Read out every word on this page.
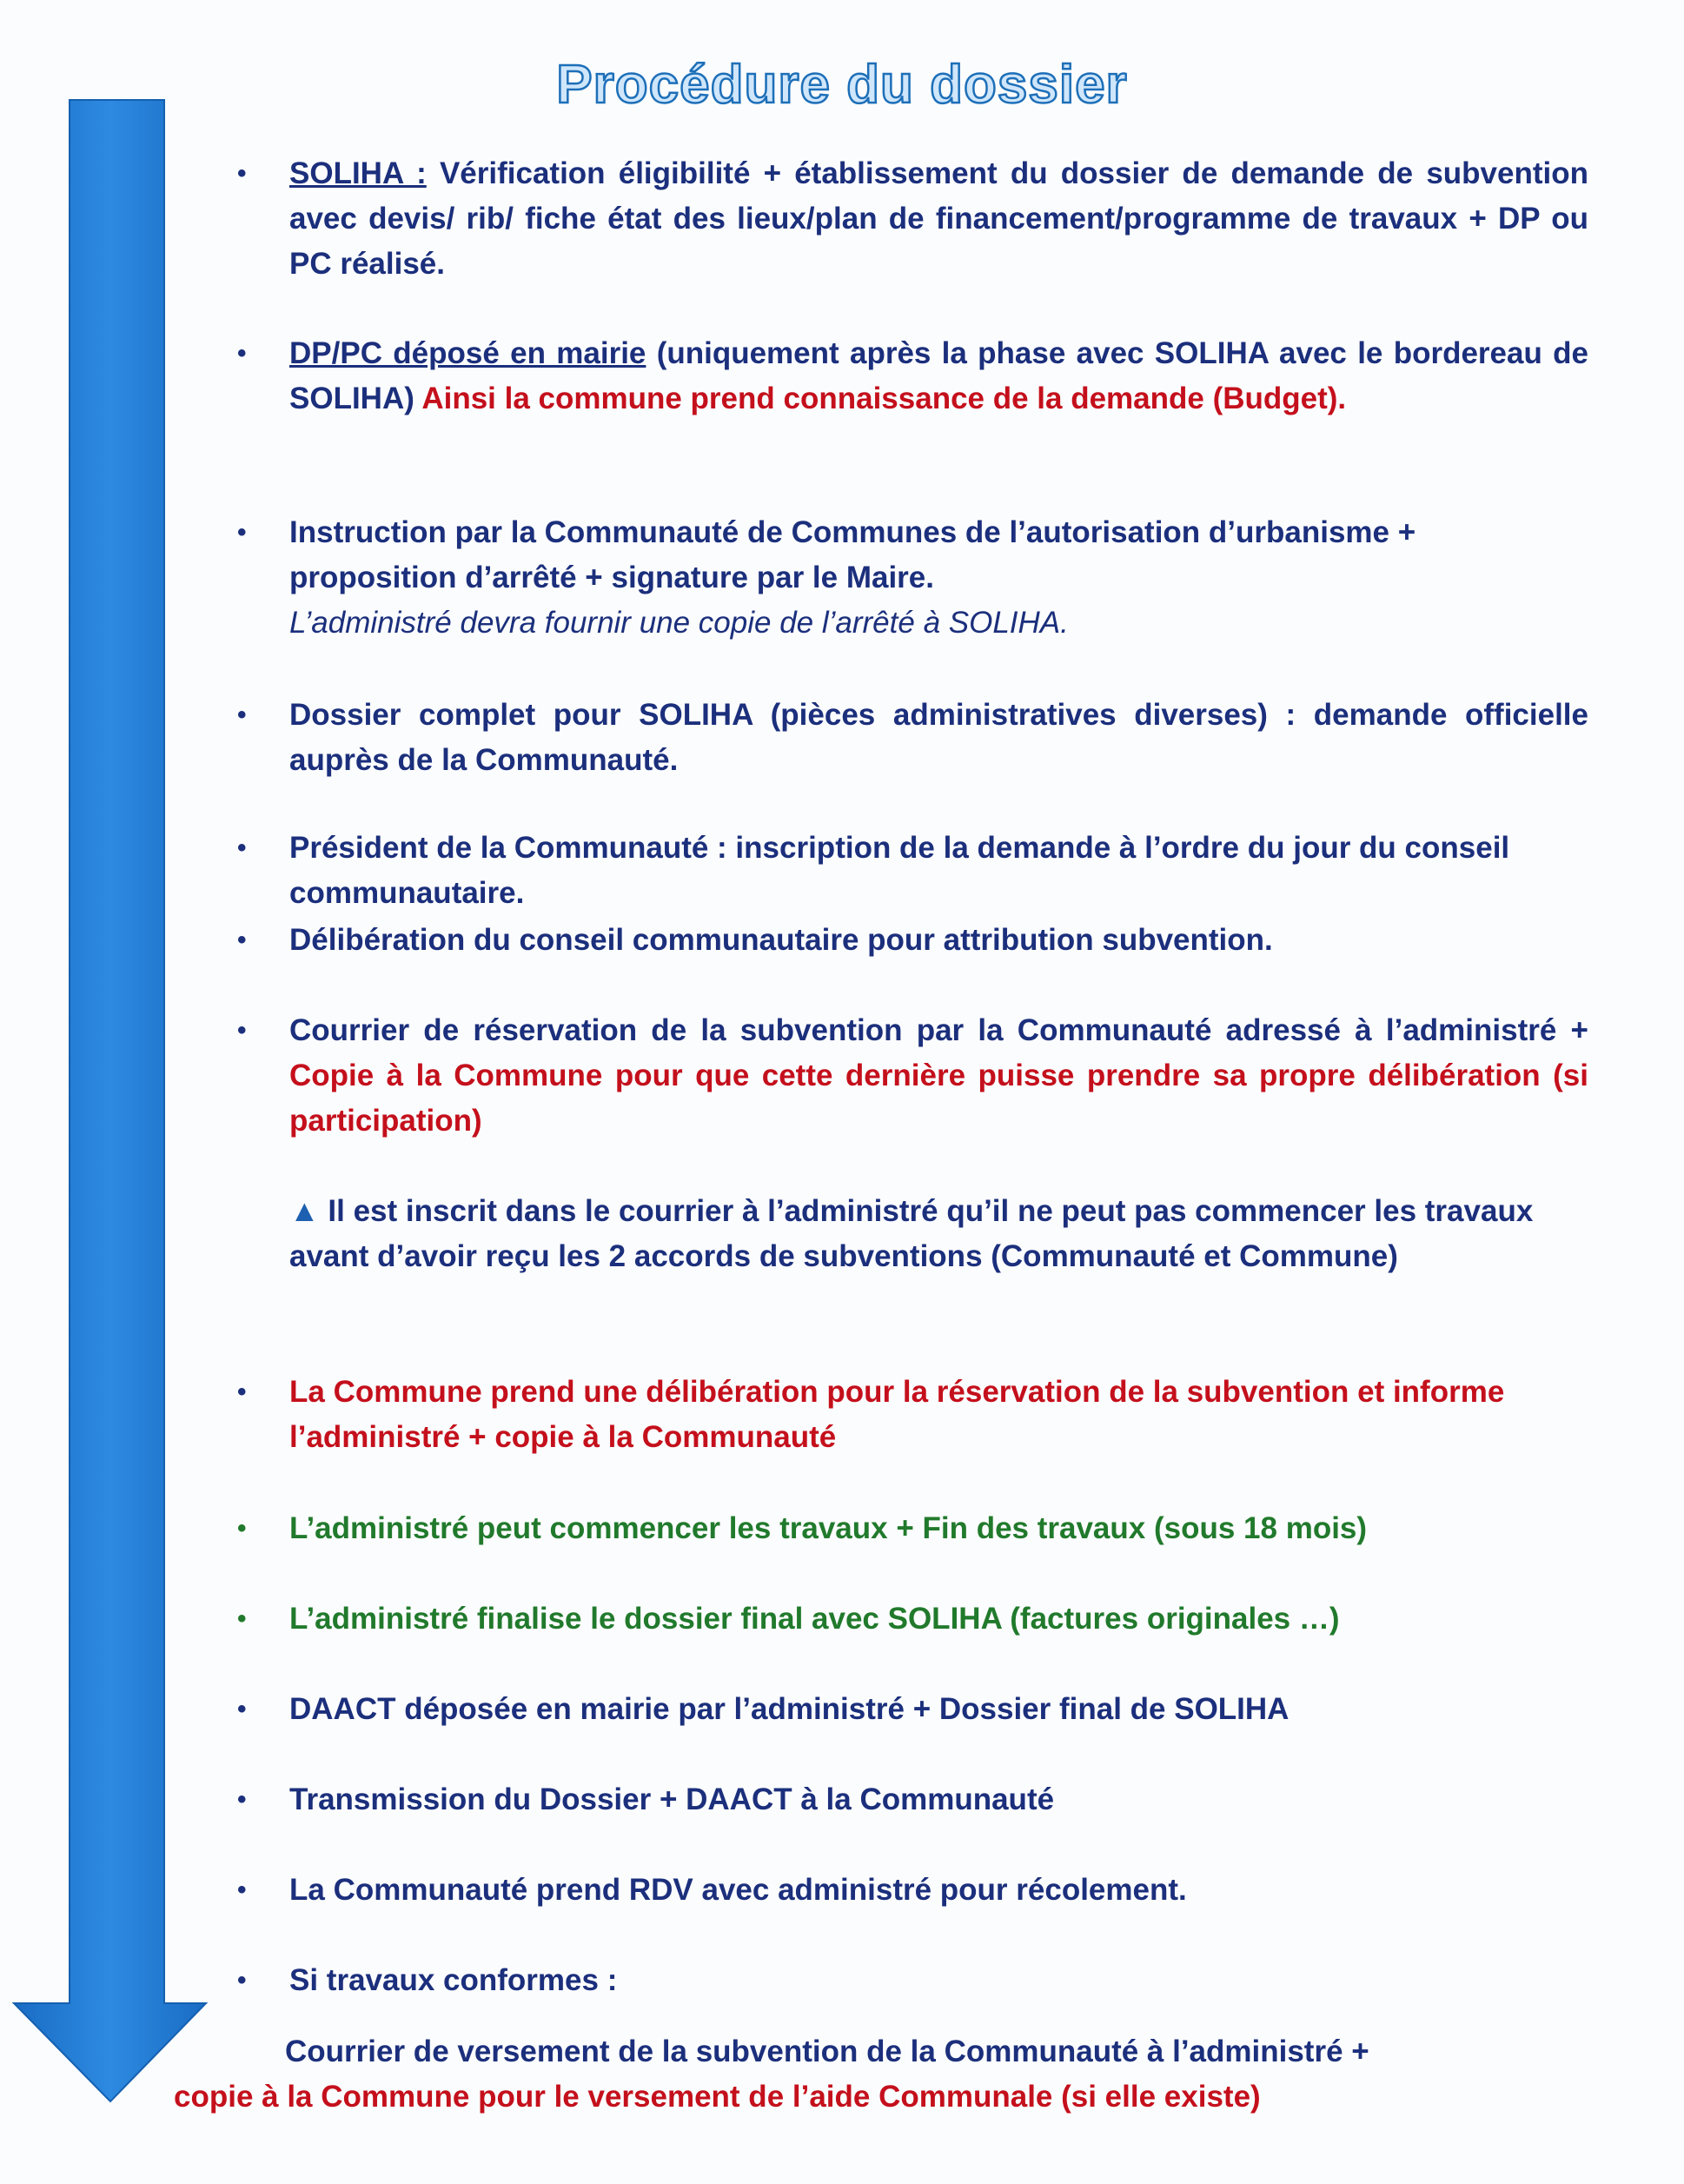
Procédure du dossier
• SOLIHA : Vérification éligibilité + établissement du dossier de demande de subvention avec devis/ rib/ fiche état des lieux/plan de financement/programme de travaux + DP ou PC réalisé.
• DP/PC déposé en mairie (uniquement après la phase avec SOLIHA avec le bordereau de SOLIHA) Ainsi la commune prend connaissance de la demande (Budget).
• Instruction par la Communauté de Communes de l’autorisation d’urbanisme + proposition d’arrêté + signature par le Maire.
L’administré devra fournir une copie de l’arrêté à SOLIHA.
• Dossier complet pour SOLIHA (pièces administratives diverses) : demande officielle auprès de la Communauté.
• Président de la Communauté : inscription de la demande à l’ordre du jour du conseil communautaire.
• Délibération du conseil communautaire pour attribution subvention.
• Courrier de réservation de la subvention par la Communauté adressé à l’administré + Copie à la Commune pour que cette dernière puisse prendre sa propre délibération (si participation)
▲ Il est inscrit dans le courrier à l’administré qu’il ne peut pas commencer les travaux avant d’avoir reçu les 2 accords de subventions (Communauté et Commune)
• La Commune prend une délibération pour la réservation de la subvention et informe l’administré + copie à la Communauté
• L’administré peut commencer les travaux + Fin des travaux (sous 18 mois)
• L’administré finalise le dossier final avec SOLIHA (factures originales …)
• DAACT déposée en mairie par l’administré + Dossier final de SOLIHA
• Transmission du Dossier + DAACT à la Communauté
• La Communauté prend RDV avec administré pour récolement.
• Si travaux conformes :
Courrier de versement de la subvention de la Communauté à l’administré +
copie à la Commune pour le versement de l’aide Communale (si elle existe)
